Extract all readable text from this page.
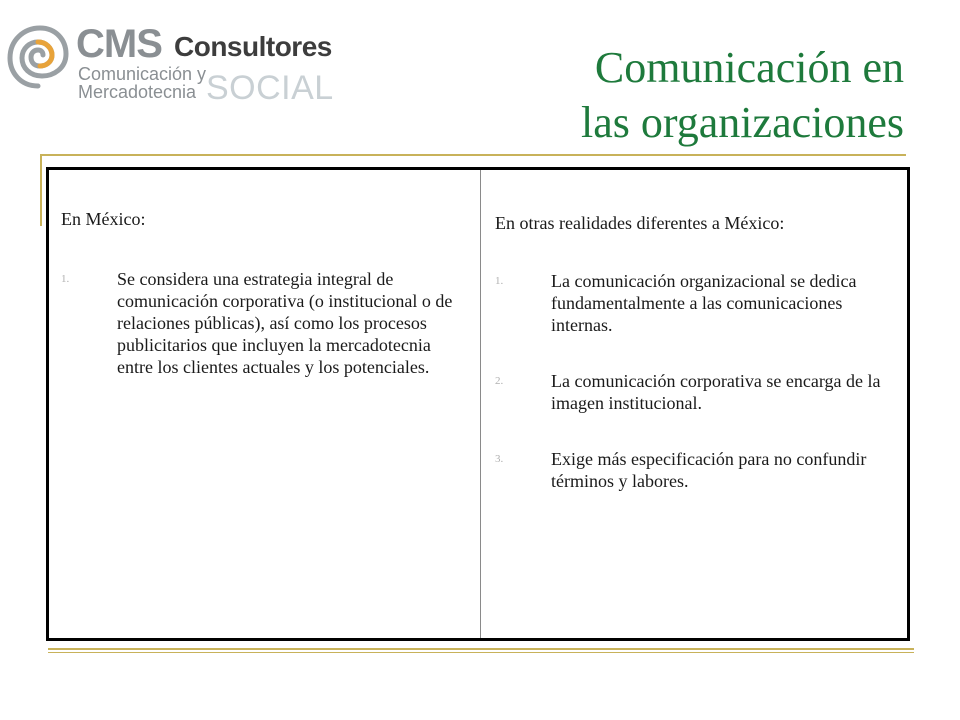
CMS Consultores
Comunicación y
Mercadotecnia SOCIAL	Comunicación en
las organizaciones
En México:
1.	Se considera una estrategia integral de comunicación corporativa (o institucional o de relaciones públicas), así como los procesos publicitarios que incluyen la mercadotecnia entre los clientes actuales y los potenciales.
En otras realidades diferentes a México:
1.	La comunicación organizacional se dedica fundamentalmente a las comunicaciones internas.
2.	La comunicación corporativa se encarga de la imagen institucional.
3.	Exige más especificación para no confundir términos y labores.
